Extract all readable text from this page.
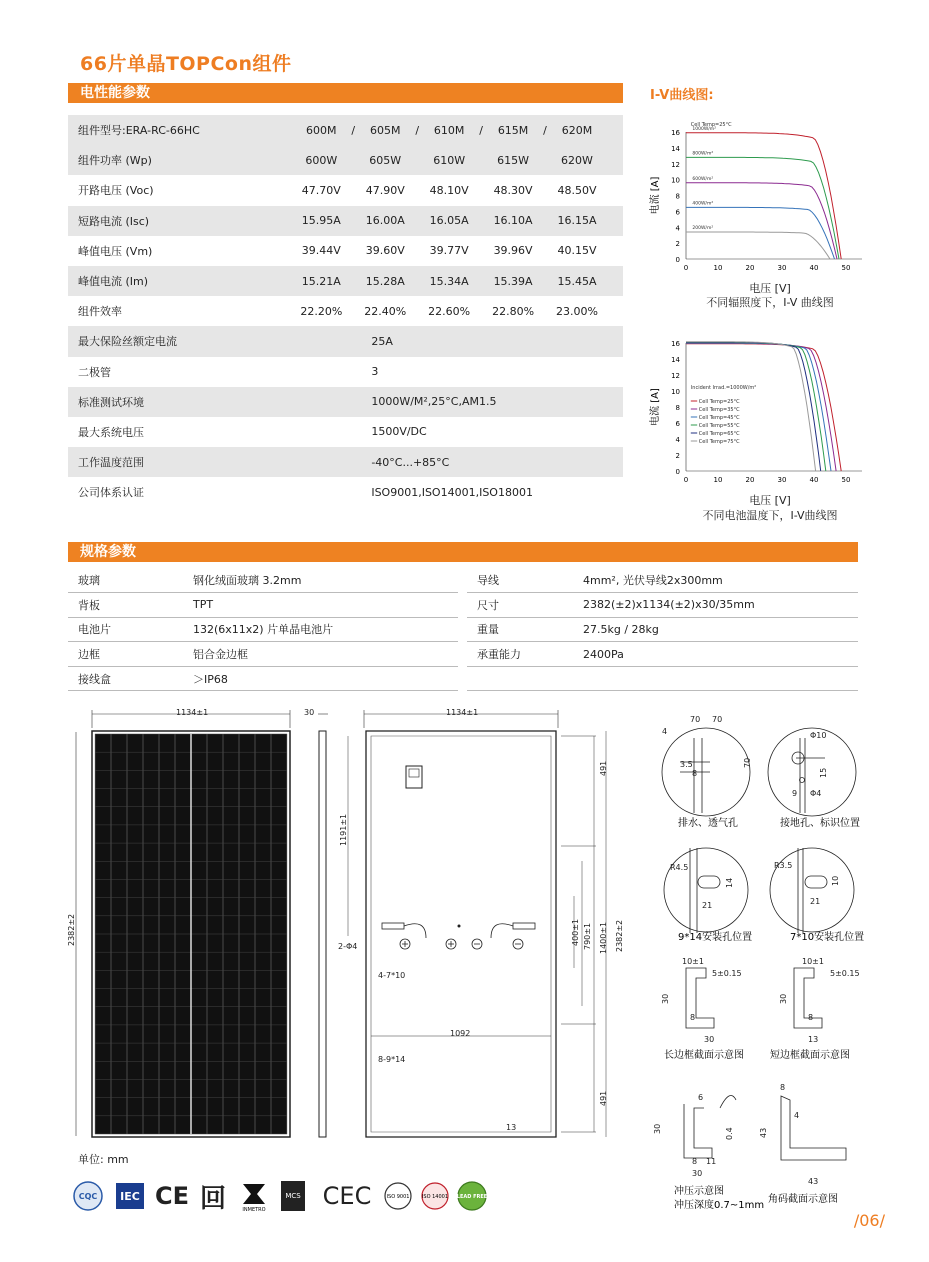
66片单晶TOPCon组件
电性能参数
组件型号:ERA-RC-66HC	600M	/	605M	/	610M	/	615M	/	620M	
组件功率 (Wp)	600W		605W		610W		615W		620W	
开路电压 (Voc)	47.70V		47.90V		48.10V		48.30V		48.50V	
短路电流 (Isc)	15.95A		16.00A		16.05A		16.10A		16.15A	
峰值电压 (Vm)	39.44V		39.60V		39.77V		39.96V		40.15V	
峰值电流 (Im)	15.21A		15.28A		15.34A		15.39A		15.45A	
组件效率	22.20%		22.40%		22.60%		22.80%		23.00%	
最大保险丝额定电流	25A									
二极管	3									
标准测试环境	1000W/M²,25°C,AM1.5									
最大系统电压	1500V/DC									
工作温度范围	-40°C...+85°C									
公司体系认证	ISO9001,ISO14001,ISO18001									
I-V曲线图:
0
2
4
6
8
10
12
14
16
0	10	20	30	40	50
电流 [A]
1000W/m²
800W/m²
600W/m²
400W/m²
200W/m²
Cell Temp=25°C
电压 [V]
不同辐照度下，I-V 曲线图
0
2
4
6
8
10
12
14
16
0	10	20	30	40	50
电流 [A]	Cell Temp=25°C
Cell Temp=35°C
Cell Temp=45°C
Cell Temp=55°C
Cell Temp=65°C
Cell Temp=75°C
Incident Irrad.=1000W/m²
电压 [V]
不同电池温度下，I-V曲线图
规格参数
玻璃	钢化绒面玻璃 3.2mm
背板	TPT
电池片	132(6x11x2) 片单晶电池片
边框	铝合金边框
接线盒	＞IP68
导线	4mm², 光伏导线2x300mm
尺寸	2382(±2)x1134(±2)x30/35mm
重量	27.5kg / 28kg
承重能力	2400Pa

1134±1
2382±2
30	1134±1
1191±1
2-Φ4
4-7*10
1092
8-9*14
13
491
491
400±1 790±1 1400±1 2382±2
单位: mm
70 70
4
3.5
8
70
Φ10
15
9 Φ4
R4.5
14
21
R3.5
10
21
10±1
5±0.15
30
8
30
10±1
5±0.15
30
8
13
6
30
8 11
30
0.4
8
4
43
43
排水、透气孔	接地孔、标识位置
9*14安装孔位置	7*10安装孔位置
长边框截面示意图	短边框截面示意图
冲压示意图
冲压深度0.7~1mm
角码截面示意图
CQC IEC CE 回	INMETRO
MCS CEC	ISO 9001	ISO 14001 LEAD FREE
/06/
